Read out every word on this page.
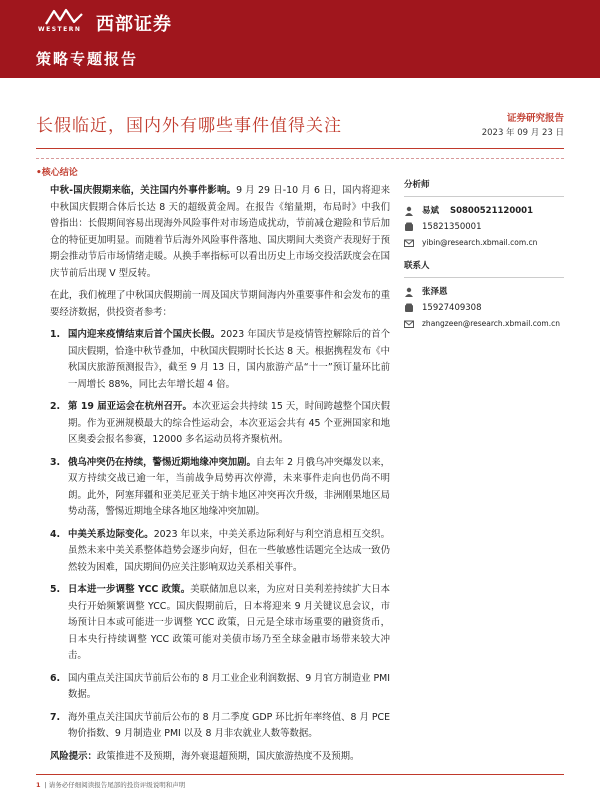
WESTERN 西部证券
策略专题报告
长假临近，国内外有哪些事件值得关注	证券研究报告
2023 年 09 月 23 日
•核心结论

中秋-国庆假期来临，关注国内外事件影响。9 月 29 日-10 月 6 日，国内将迎来中秋国庆假期合体后长达 8 天的超级黄金周。在报告《缩量期，布局时》中我们曾指出：长假期间容易出现海外风险事件对市场造成扰动，节前减仓避险和节后加仓的特征更加明显。而随着节后海外风险事件落地、国庆期间大类资产表现好于预期会推动节后市场情绪走暖。从换手率指标可以看出历史上市场交投活跃度会在国庆节前后出现 V 型反转。

在此，我们梳理了中秋国庆假期前一周及国庆节期间海内外重要事件和会发布的重要经济数据，供投资者参考：

1. 国内迎来疫情结束后首个国庆长假。2023 年国庆节是疫情管控解除后的首个国庆假期，恰逢中秋节叠加，中秋国庆假期时长长达 8 天。根据携程发布《中秋国庆旅游预测报告》，截至 9 月 13 日，国内旅游产品“十一”预订量环比前一周增长 88%，同比去年增长超 4 倍。
2. 第 19 届亚运会在杭州召开。本次亚运会共持续 15 天，时间跨越整个国庆假期。作为亚洲规模最大的综合性运动会，本次亚运会共有 45 个亚洲国家和地区奥委会报名参赛，12000 多名运动员将齐聚杭州。
3. 俄乌冲突仍在持续，警惕近期地缘冲突加剧。自去年 2 月俄乌冲突爆发以来，双方持续交战已逾一年，当前战争局势再次停滞，未来事件走向也仍尚不明朗。此外，阿塞拜疆和亚美尼亚关于纳卡地区冲突再次升级，非洲刚果地区局势动荡，警惕近期地全球各地区地缘冲突加剧。
4. 中美关系边际变化。2023 年以来，中美关系边际利好与利空消息相互交织。虽然未来中美关系整体趋势会逐步向好，但在一些敏感性话题完全达成一致仍然较为困难，国庆期间仍应关注影响双边关系相关事件。
5. 日本进一步调整 YCC 政策。美联储加息以来，为应对日美利差持续扩大日本央行开始频繁调整 YCC。国庆假期前后，日本将迎来 9 月关键议息会议，市场预计日本或可能进一步调整 YCC 政策，日元是全球市场重要的融资货币，日本央行持续调整 YCC 政策可能对美债市场乃至全球金融市场带来较大冲击。
6. 国内重点关注国庆节前后公布的 8 月工业企业利润数据、9 月官方制造业 PMI 数据。
7. 海外重点关注国庆节前后公布的 8 月二季度 GDP 环比折年率终值、8 月 PCE 物价指数、9 月制造业 PMI 以及 8 月非农就业人数等数据。

风险提示：政策推进不及预期，海外衰退超预期，国庆旅游热度不及预期。

分析师
易斌 S0800521120001
15821350001
yibin@research.xbmail.com.cn
联系人
张泽恩
15927409308
zhangzeen@research.xbmail.com.cn
1 | 请务必仔细阅读报告尾部的投资评级说明和声明
